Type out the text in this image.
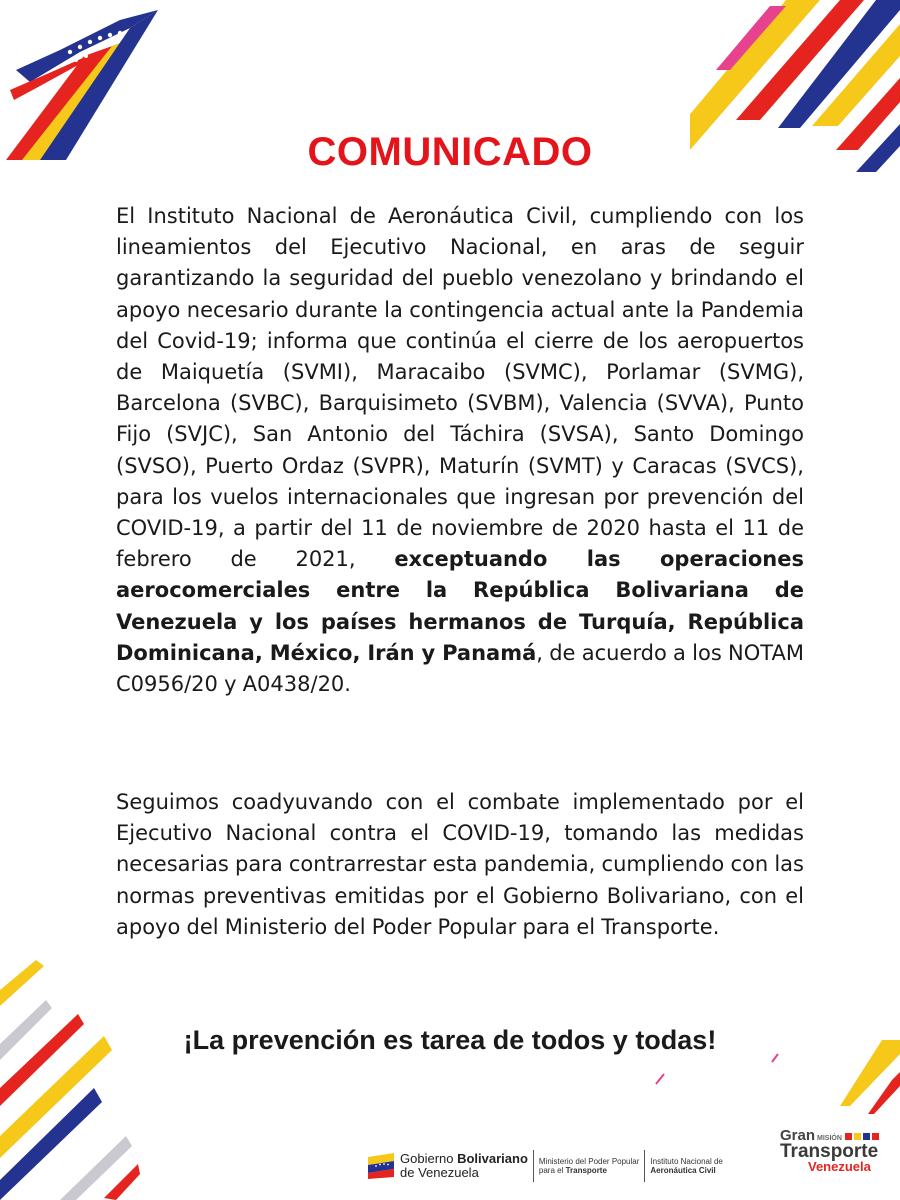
COMUNICADO
El Instituto Nacional de Aeronáutica Civil, cumpliendo con los lineamientos del Ejecutivo Nacional, en aras de seguir garantizando la seguridad del pueblo venezolano y brindando el apoyo necesario durante la contingencia actual ante la Pandemia del Covid-19; informa que continúa el cierre de los aeropuertos de Maiquetía (SVMI), Maracaibo (SVMC), Porlamar (SVMG), Barcelona (SVBC), Barquisimeto (SVBM), Valencia (SVVA), Punto Fijo (SVJC), San Antonio del Táchira (SVSA), Santo Domingo (SVSO), Puerto Ordaz (SVPR), Maturín (SVMT) y Caracas (SVCS), para los vuelos internacionales que ingresan por prevención del COVID-19, a partir del 11 de noviembre de 2020 hasta el 11 de febrero de 2021, exceptuando las operaciones aerocomerciales entre la República Bolivariana de Venezuela y los países hermanos de Turquía, República Dominicana, México, Irán y Panamá, de acuerdo a los NOTAM C0956/20 y A0438/20.
Seguimos coadyuvando con el combate implementado por el Ejecutivo Nacional contra el COVID-19, tomando las medidas necesarias para contrarrestar esta pandemia, cumpliendo con las normas preventivas emitidas por el Gobierno Bolivariano, con el apoyo del Ministerio del Poder Popular para el Transporte.
¡La prevención es tarea de todos y todas!
Gobierno Bolivariano
de Venezuela
Ministerio del Poder Popular
para el Transporte
Instituto Nacional de
Aeronáutica Civil
Gran MISIÓN
Transporte
Venezuela
